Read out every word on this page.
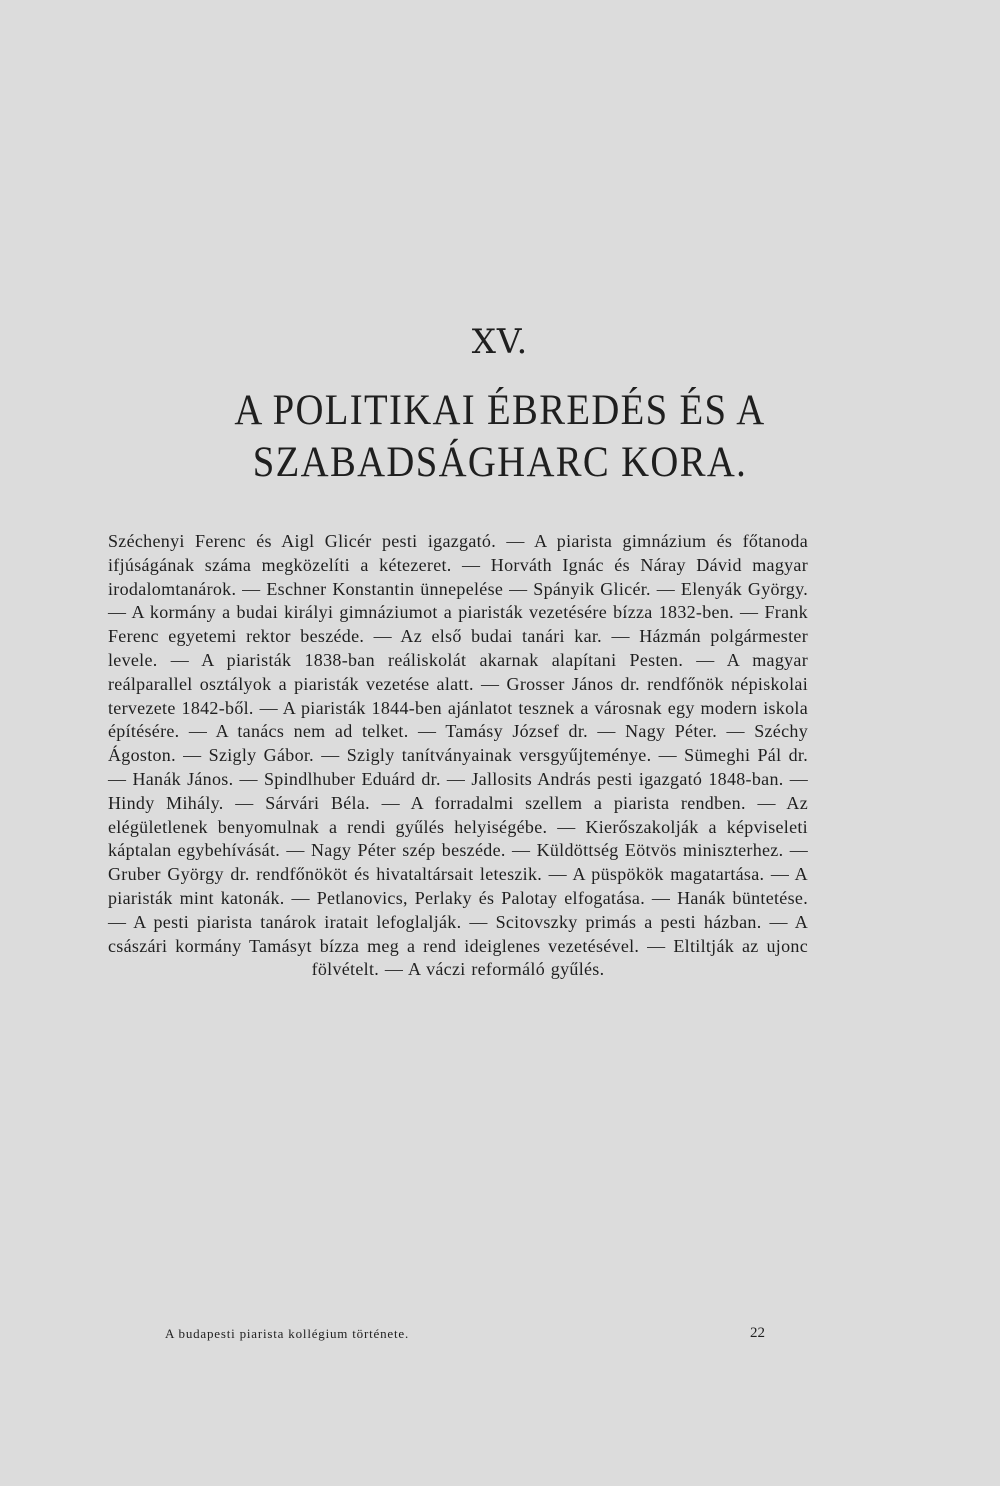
XV.
A POLITIKAI ÉBREDÉS ÉS A SZABADSÁGHARC KORA.

Széchenyi Ferenc és Aigl Glicér pesti igazgató. — A piarista gimnázium és főtanoda ifjúságának száma megközelíti a kétezeret. — Horváth Ignác és Náray Dávid magyar irodalomtanárok. — Eschner Konstantin ünnepelése — Spányik Glicér. — Elenyák György. — A kormány a budai királyi gimnáziumot a piaristák vezetésére bízza 1832-ben. — Frank Ferenc egyetemi rektor beszéde. — Az első budai tanári kar. — Házmán polgármester levele. — A piaristák 1838-ban reáliskolát akarnak alapítani Pesten. — A magyar reálparallel osztályok a piaristák vezetése alatt. — Grosser János dr. rendfőnök népiskolai tervezete 1842-ből. — A piaristák 1844-ben ajánlatot tesznek a városnak egy modern iskola építésére. — A tanács nem ad telket. — Tamásy József dr. — Nagy Péter. — Széchy Ágoston. — Szigly Gábor. — Szigly tanítványainak versgyűjteménye. — Sümeghi Pál dr. — Hanák János. — Spindlhuber Eduárd dr. — Jallosits András pesti igazgató 1848-ban. — Hindy Mihály. — Sárvári Béla. — A forradalmi szellem a piarista rendben. — Az elégületlenek benyomulnak a rendi gyűlés helyiségébe. — Kierőszakolják a képviseleti káptalan egybehívását. — Nagy Péter szép beszéde. — Küldöttség Eötvös miniszterhez. — Gruber György dr. rendfőnököt és hivataltársait leteszik. — A püspökök magatartása. — A piaristák mint katonák. — Petlanovics, Perlaky és Palotay elfogatása. — Hanák büntetése. — A pesti piarista tanárok iratait lefoglalják. — Scitovszky primás a pesti házban. — A császári kormány Tamásyt bízza meg a rend ideiglenes vezetésével. — Eltiltják az ujonc fölvételt. — A váczi reformáló gyűlés.

A budapesti piarista kollégium története.	22
